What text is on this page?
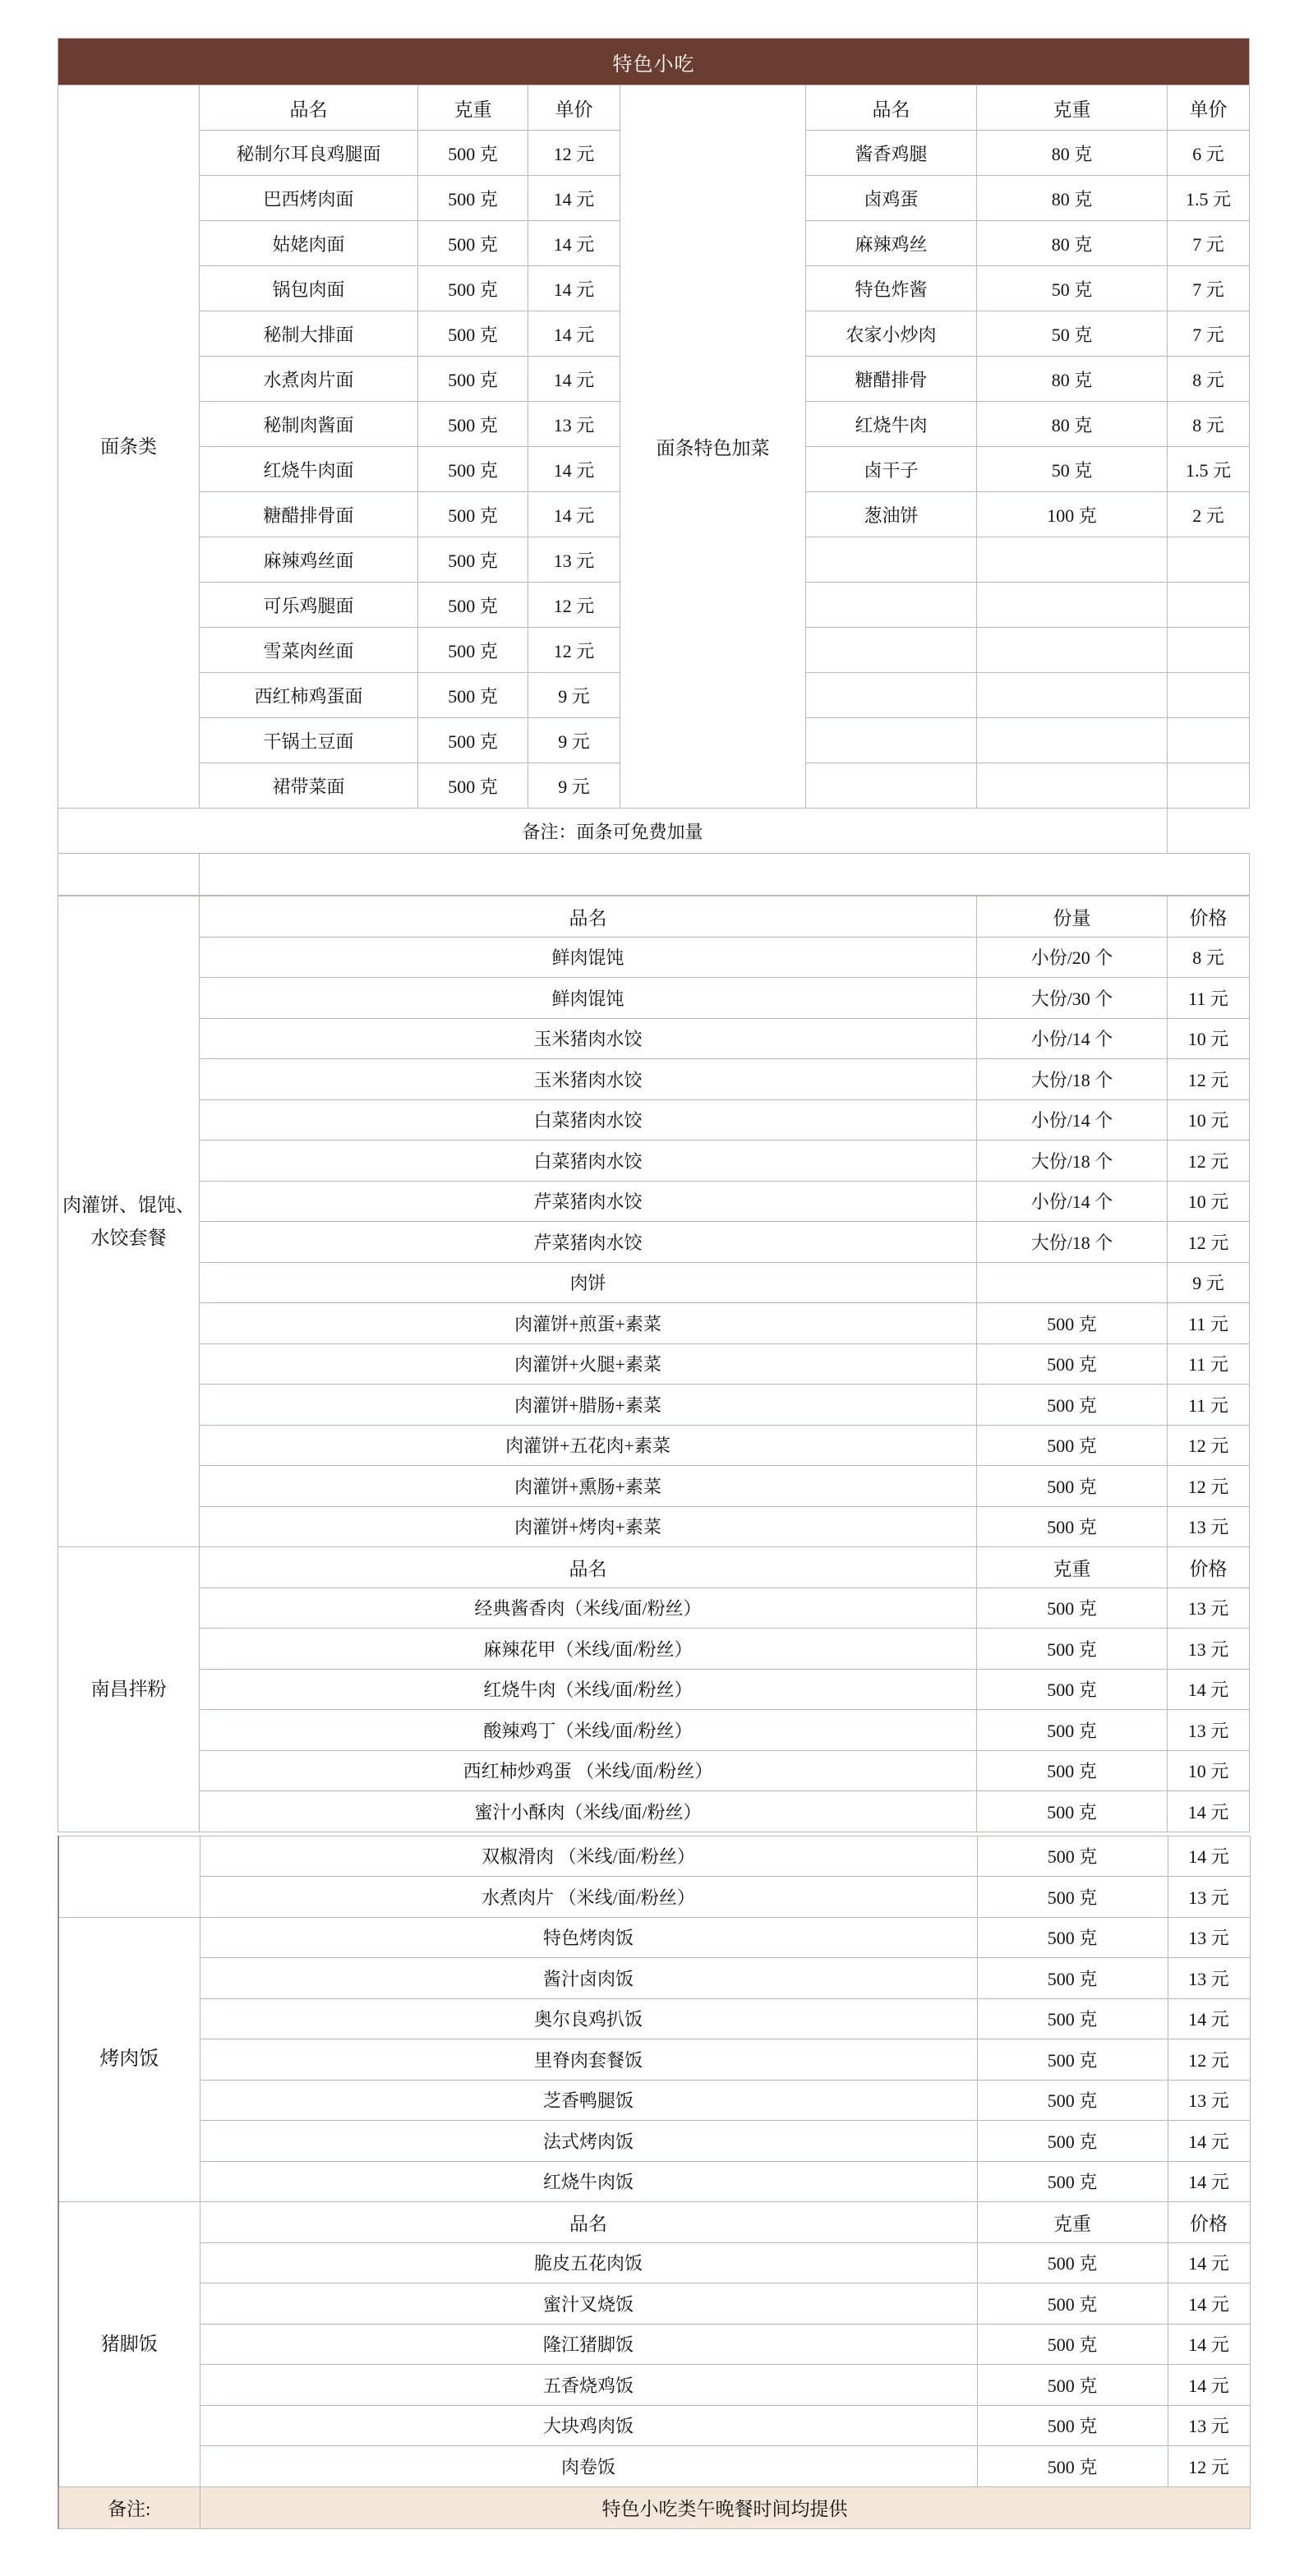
特色小吃							
面条类	品名	克重	单价	面条特色加菜	品名	克重	单价
	秘制尔耳良鸡腿面	500 克	12 元		酱香鸡腿	80 克	6 元
	巴西烤肉面	500 克	14 元		卤鸡蛋	80 克	1.5 元
	姑姥肉面	500 克	14 元		麻辣鸡丝	80 克	7 元
	锅包肉面	500 克	14 元		特色炸酱	50 克	7 元
	秘制大排面	500 克	14 元		农家小炒肉	50 克	7 元
	水煮肉片面	500 克	14 元		糖醋排骨	80 克	8 元
	秘制肉酱面	500 克	13 元		红烧牛肉	80 克	8 元
	红烧牛肉面	500 克	14 元		卤干子	50 克	1.5 元
	糖醋排骨面	500 克	14 元		葱油饼	100 克	2 元
	麻辣鸡丝面	500 克	13 元				
	可乐鸡腿面	500 克	12 元				
	雪菜肉丝面	500 克	12 元				
	西红柿鸡蛋面	500 克	9 元				
	干锅土豆面	500 克	9 元				
	裙带菜面	500 克	9 元				
备注：面条可免费加量							

肉灌饼、馄饨、水饺套餐	品名	份量	价格
	鲜肉馄饨	小份/20 个	8 元
	鲜肉馄饨	大份/30 个	11 元
	玉米猪肉水饺	小份/14 个	10 元
	玉米猪肉水饺	大份/18 个	12 元
	白菜猪肉水饺	小份/14 个	10 元
	白菜猪肉水饺	大份/18 个	12 元
	芹菜猪肉水饺	小份/14 个	10 元
	芹菜猪肉水饺	大份/18 个	12 元
	肉饼		9 元
	肉灌饼+煎蛋+素菜	500 克	11 元
	肉灌饼+火腿+素菜	500 克	11 元
	肉灌饼+腊肠+素菜	500 克	11 元
	肉灌饼+五花肉+素菜	500 克	12 元
	肉灌饼+熏肠+素菜	500 克	12 元
	肉灌饼+烤肉+素菜	500 克	13 元
南昌拌粉	品名	克重	价格
	经典酱香肉（米线/面/粉丝）	500 克	13 元
	麻辣花甲（米线/面/粉丝）	500 克	13 元
	红烧牛肉（米线/面/粉丝）	500 克	14 元
	酸辣鸡丁（米线/面/粉丝）	500 克	13 元
	西红柿炒鸡蛋 （米线/面/粉丝）	500 克	10 元
	蜜汁小酥肉（米线/面/粉丝）	500 克	14 元
	双椒滑肉 （米线/面/粉丝）	500 克	14 元
	水煮肉片 （米线/面/粉丝）	500 克	13 元
烤肉饭	特色烤肉饭	500 克	13 元
	酱汁卤肉饭	500 克	13 元
	奥尔良鸡扒饭	500 克	14 元
	里脊肉套餐饭	500 克	12 元
	芝香鸭腿饭	500 克	13 元
	法式烤肉饭	500 克	14 元
	红烧牛肉饭	500 克	14 元
猪脚饭	品名	克重	价格
	脆皮五花肉饭	500 克	14 元
	蜜汁叉烧饭	500 克	14 元
	隆江猪脚饭	500 克	14 元
	五香烧鸡饭	500 克	14 元
	大块鸡肉饭	500 克	13 元
	肉卷饭	500 克	12 元
备注:	特色小吃类午晚餐时间均提供		
